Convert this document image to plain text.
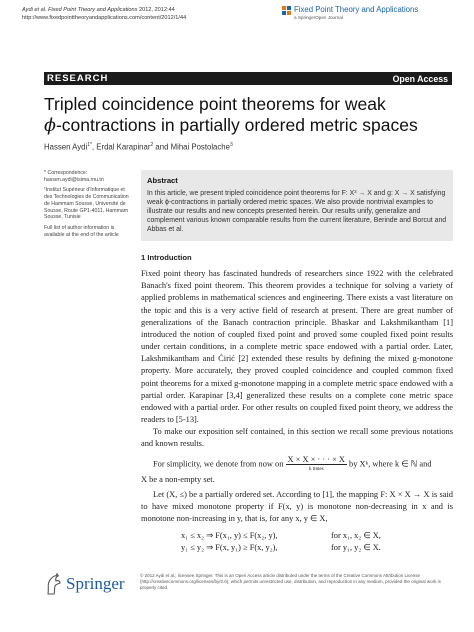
Aydi et al. Fixed Point Theory and Applications 2012, 2012:44
http://www.fixedpointtheoryandapplications.com/content/2012/1/44
Fixed Point Theory and Applications
a SpringerOpen Journal
RESEARCH	Open Access
Tripled coincidence point theorems for weak
ϕ-contractions in partially ordered metric spaces
Hassen Aydi$^{1*}$, Erdal Karapinar$^2$ and Mihai Postolache$^3$

* Correspondence: hassen.aydi@isima.rnu.tn

¹Institut Supérieur d'Informatique et des Technologies de Communication de Hammam Sousse, Université de Sousse, Route GP1-4011, Hammam Sousse, Tunisie

Full list of author information is available at the end of the article

Abstract

In this article, we present tripled coincidence point theorems for F: X³ → X and g: X → X satisfying weak ϕ-contractions in partially ordered metric spaces. We also provide nontrivial examples to illustrate our results and new concepts presented herein. Our results unify, generalize and complement various known comparable results from the current literature, Berinde and Borcut and Abbas et al.

1 Introduction

Fixed point theory has fascinated hundreds of researchers since 1922 with the celebrated Banach's fixed point theorem. This theorem provides a technique for solving a variety of applied problems in mathematical sciences and engineering. There exists a vast literature on the topic and this is a very active field of research at present. There are great number of generalizations of the Banach contraction principle. Bhaskar and Lakshmikantham [1] introduced the notion of coupled fixed point and proved some coupled fixed point results under certain conditions, in a complete metric space endowed with a partial order. Later, Lakshmikantham and Ćirić [2] extended these results by defining the mixed g-monotone property. More accurately, they proved coupled coincidence and coupled common fixed point theorems for a mixed g-monotone mapping in a complete metric space endowed with a partial order. Karapinar [3,4] generalized these results on a complete cone metric space endowed with a partial order. For other results on coupled fixed point theory, we address the readers to [5-13].

To make our exposition self contained, in this section we recall some previous notations and known results.

For simplicity, we denote from now on X × X × · · · × X
k times
by Xᵏ, where k ∈ ℕ and

X be a non-empty set.

Let (X, ≤) be a partially ordered set. According to [1], the mapping F: X × X → X is said to have mixed monotone property if F(x, y) is monotone non-decreasing in x and is monotone non-increasing in y, that is, for any x, y ∈ X,

x₁ ≤ x₂ ⇒ F(x₁, y) ≤ F(x₂, y),	for x₁, x₂ ∈ X,
y₁ ≤ y₂ ⇒ F(x, y₁) ≥ F(x, y₂),	for y₁, y₂ ∈ X.
Springer	© 2012 Aydi et al.; licensee Springer. This is an Open Access article distributed under the terms of the Creative Commons Attribution License (http://creativecommons.org/licenses/by/2.0), which permits unrestricted use, distribution, and reproduction in any medium, provided the original work is properly cited.
